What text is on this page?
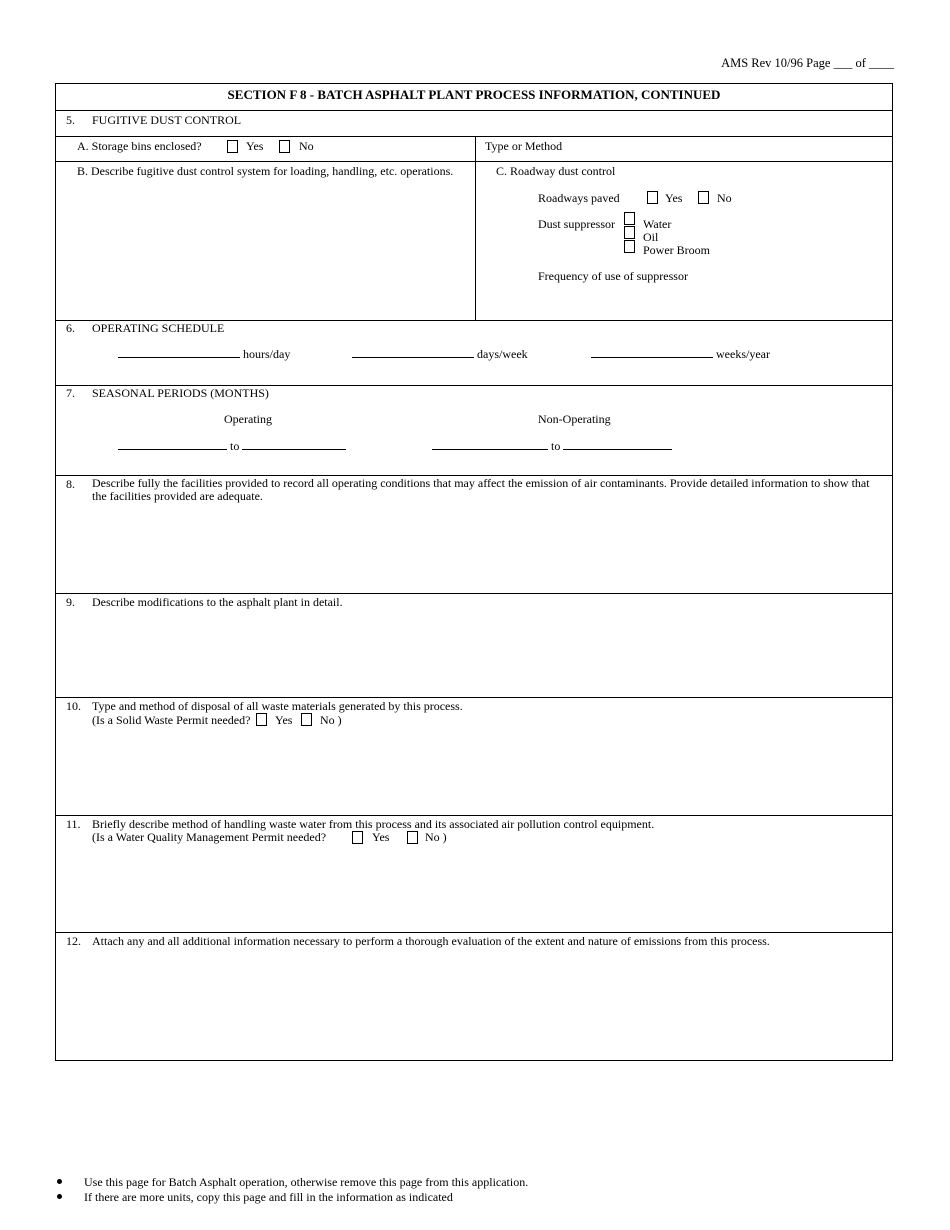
AMS Rev 10/96 Page ___ of ____
SECTION F 8 - BATCH ASPHALT PLANT PROCESS INFORMATION, CONTINUED
5. FUGITIVE DUST CONTROL
A. Storage bins enclosed?	Yes	No	Type or Method
B. Describe fugitive dust control system for loading, handling, etc. operations.	C. Roadway dust control
Roadways paved	Yes	No
Dust suppressor Water
Oil
Power Broom
Frequency of use of suppressor
6. OPERATING SCHEDULE
hours/day	days/week	weeks/year
7. SEASONAL PERIODS (MONTHS)
Operating	Non-Operating
to	to
8. Describe fully the facilities provided to record all operating conditions that may affect the emission of air contaminants. Provide detailed information to show that the facilities provided are adequate.
9. Describe modifications to the asphalt plant in detail.
10. Type and method of disposal of all waste materials generated by this process.
(Is a Solid Waste Permit needed? Yes No )
11. Briefly describe method of handling waste water from this process and its associated air pollution control equipment.
(Is a Water Quality Management Permit needed?	Yes	No )
12. Attach any and all additional information necessary to perform a thorough evaluation of the extent and nature of emissions from this process.
Use this page for Batch Asphalt operation, otherwise remove this page from this application.
If there are more units, copy this page and fill in the information as indicated
